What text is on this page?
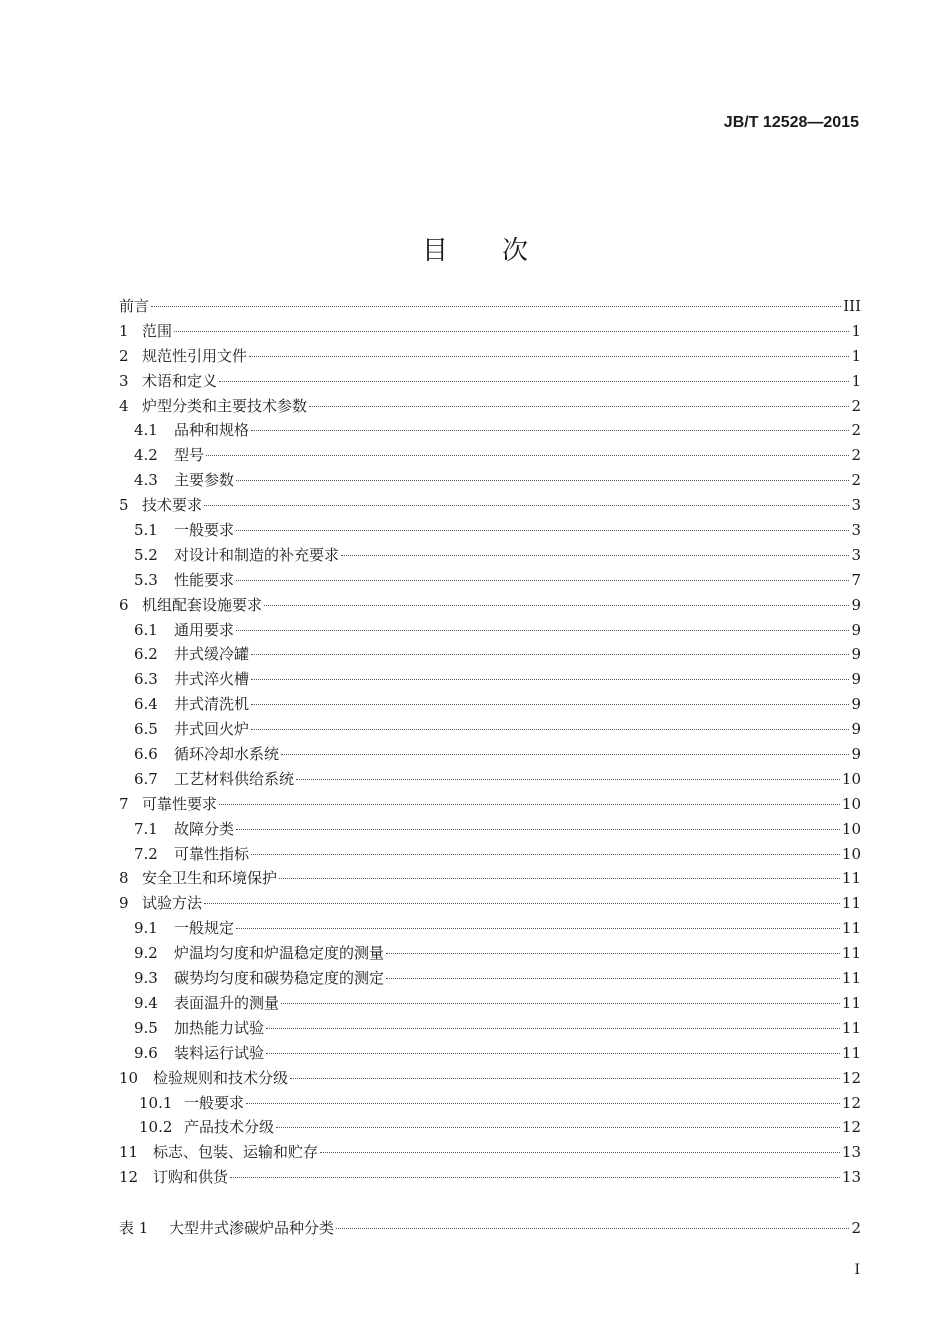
JB/T 12528—2015
目次
前言	III
1 范围	1
2 规范性引用文件	1
3 术语和定义	1
4 炉型分类和主要技术参数	2
4.1	品种和规格	2
4.2	型号	2
4.3	主要参数	2
5 技术要求	3
5.1	一般要求	3
5.2	对设计和制造的补充要求	3
5.3	性能要求	7
6 机组配套设施要求	9
6.1	通用要求	9
6.2	井式缓冷罐	9
6.3	井式淬火槽	9
6.4	井式清洗机	9
6.5	井式回火炉	9
6.6	循环冷却水系统	9
6.7	工艺材料供给系统	10
7 可靠性要求	10
7.1	故障分类	10
7.2	可靠性指标	10
8 安全卫生和环境保护	11
9 试验方法	11
9.1	一般规定	11
9.2	炉温均匀度和炉温稳定度的测量	11
9.3	碳势均匀度和碳势稳定度的测定	11
9.4	表面温升的测量	11
9.5	加热能力试验	11
9.6	装料运行试验	11
10 检验规则和技术分级	12
10.1 一般要求	12
10.2 产品技术分级	12
11 标志、包装、运输和贮存	13
12 订购和供货	13
表 1	大型井式渗碳炉品种分类	2
I
